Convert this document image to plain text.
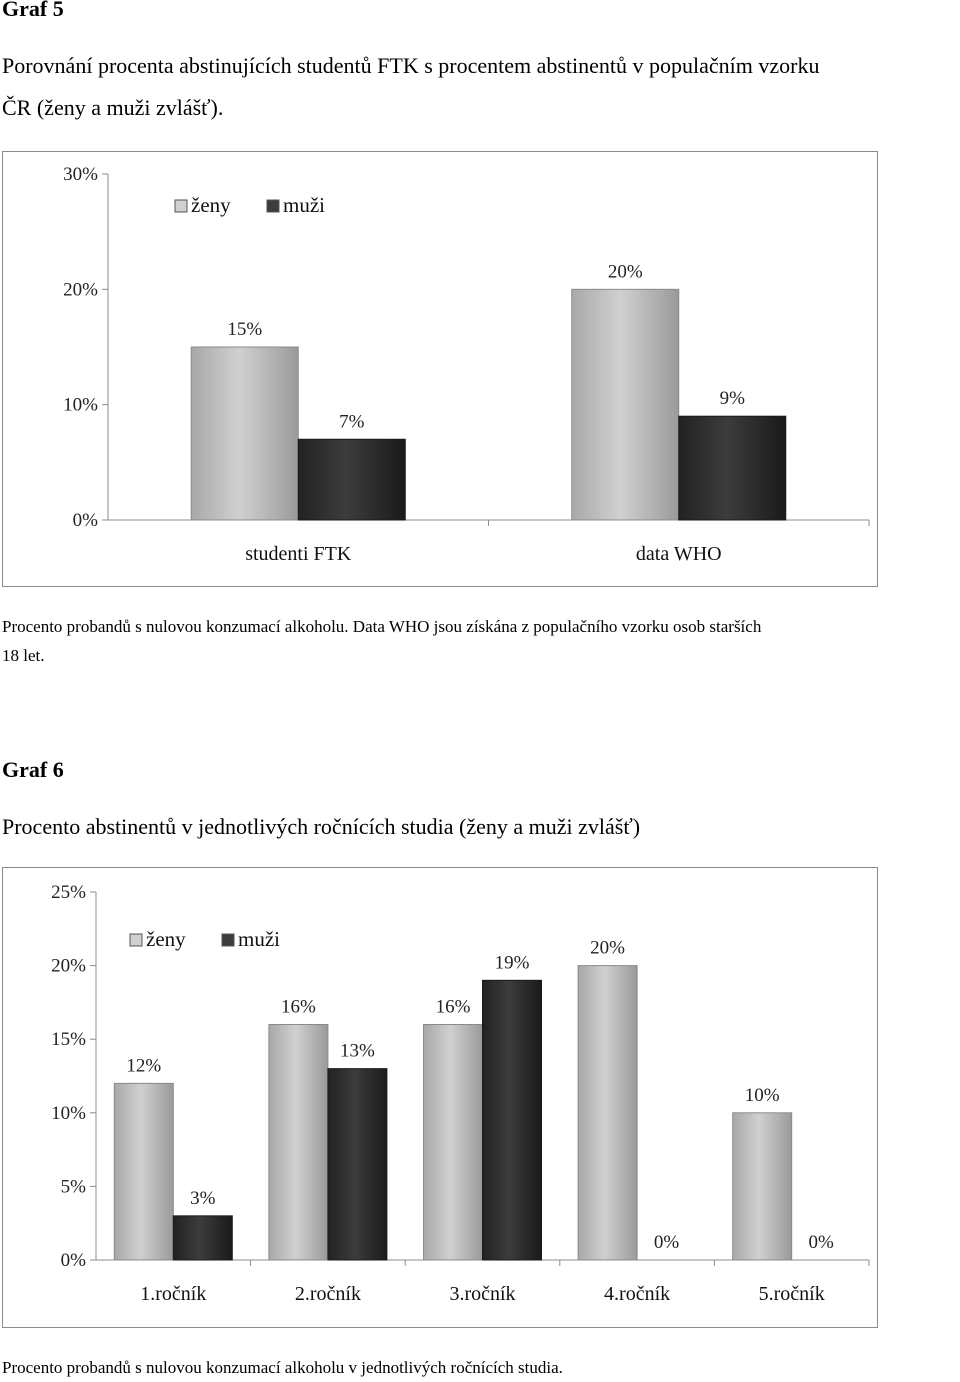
Graf 5
Porovnání procenta abstinujících studentů FTK s procentem abstinentů v populačním vzorku
ČR (ženy a muži zvlášť).
0%
10%
20%
30%
15%
7%
studenti FTK
20%
9%
data WHO
ženy muži
Procento probandů s nulovou konzumací alkoholu. Data WHO jsou získána z populačního vzorku osob starších
18 let.
Graf 6
Procento abstinentů v jednotlivých ročnících studia (ženy a muži zvlášť)
0%
5%
10%
15%
20%
25%
12%
3%
1.ročník
16%
13%
2.ročník
16%
19%
3.ročník
20%
0%
4.ročník
10%
0%
5.ročník
ženy muži
Procento probandů s nulovou konzumací alkoholu v jednotlivých ročnících studia.
